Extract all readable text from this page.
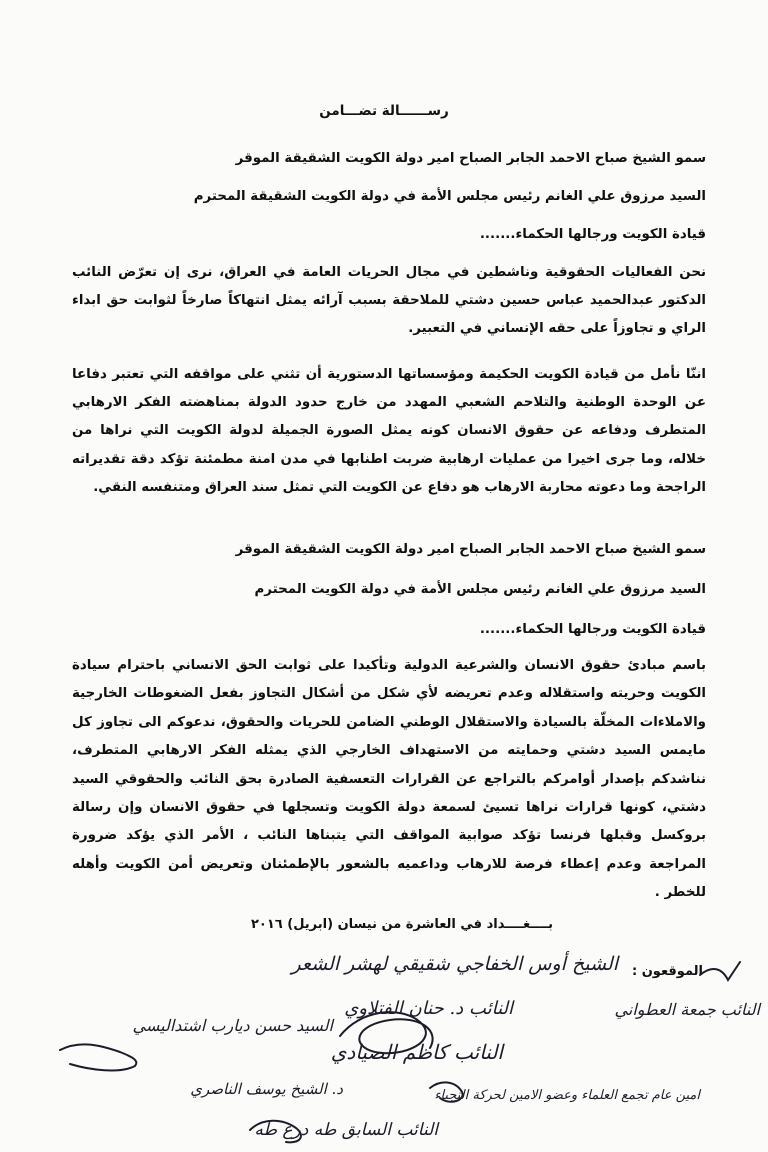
رســــــالة تضـــامن
سمو الشيخ صباح الاحمد الجابر الصباح امير دولة الكويت الشقيقة الموقر
السيد مرزوق علي الغانم رئيس مجلس الأمة في دولة الكويت الشقيقة المحترم
قيادة الكويت ورجالها الحكماء.......
نحن الفعاليات الحقوقية وناشطين في مجال الحريات العامة في العراق، نرى إن تعرّض النائب الدكتور عبدالحميد عباس حسين دشتي للملاحقة بسبب آرائه يمثل انتهاكاً صارخاً لثوابت حق ابداء الراي و تجاوزاً على حقه الإنساني في التعبير.
اننّا نأمل من قيادة الكويت الحكيمة ومؤسساتها الدستورية أن تثني على مواقفه التي تعتبر دفاعا عن الوحدة الوطنية والتلاحم الشعبي المهدد من خارج حدود الدولة بمناهضته الفكر الارهابي المتطرف ودفاعه عن حقوق الانسان كونه يمثل الصورة الجميلة لدولة الكويت التي نراها من خلاله، وما جرى اخيرا من عمليات ارهابية ضربت اطنابها في مدن امنة مطمئنة تؤكد دقة تقديراته الراجحة وما دعوته محاربة الارهاب هو دفاع عن الكويت التي تمثل سند العراق ومتنفسه النقي.
سمو الشيخ صباح الاحمد الجابر الصباح امير دولة الكويت الشقيقة الموقر
السيد مرزوق علي الغانم رئيس مجلس الأمة في دولة الكويت المحترم
قيادة الكويت ورجالها الحكماء.......
باسم مبادئ حقوق الانسان والشرعية الدولية وتأكيدا على ثوابت الحق الانساني باحترام سيادة الكويت وحريته واستقلاله وعدم تعريضه لأي شكل من أشكال التجاوز بفعل الضغوطات الخارجية والاملاءات المخلّة بالسيادة والاستقلال الوطني الضامن للحريات والحقوق، ندعوكم الى تجاوز كل مايمس السيد دشتي وحمايته من الاستهداف الخارجي الذي يمثله الفكر الارهابي المتطرف، نناشدكم بإصدار أوامركم بالتراجع عن القرارات التعسفية الصادرة بحق النائب والحقوقي السيد دشتي، كونها قرارات نراها تسيئ لسمعة دولة الكويت وتسجلها في حقوق الانسان وإن رسالة بروكسل وقبلها فرنسا تؤكد صوابية المواقف التي يتبناها النائب ، الأمر الذي يؤكد ضرورة المراجعة وعدم إعطاء فرصة للارهاب وداعميه بالشعور بالإطمئنان وتعريض أمن الكويت وأهله للخطر .
بــــغــــداد في العاشرة من نيسان (ابريل) ٢٠١٦
الموقعون :
الشيخ أوس الخفاجي شقيقي لهشر الشعر
النائب د. حنان الفتلاوي	النائب جمعة العطواني
السيد حسن ديارب اشتداليسي
النائب كاظم الصيادي
د. الشيخ يوسف الناصري	امين عام تجمع العلماء وعضو الامين لحركة النجباء
النائب السابق طه درع طه
